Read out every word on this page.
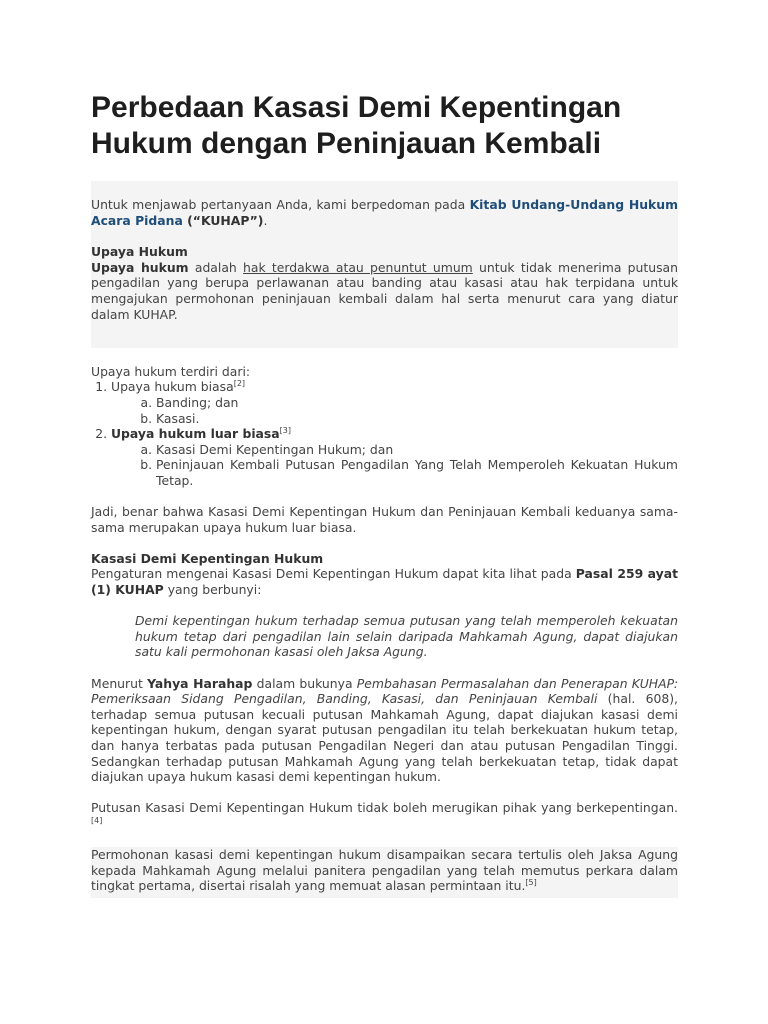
Perbedaan Kasasi Demi Kepentingan Hukum dengan Peninjauan Kembali

Untuk menjawab pertanyaan Anda, kami berpedoman pada Kitab Undang-Undang Hukum Acara Pidana (“KUHAP”).

Upaya Hukum

Upaya hukum adalah hak terdakwa atau penuntut umum untuk tidak menerima putusan pengadilan yang berupa perlawanan atau banding atau kasasi atau hak terpidana untuk mengajukan permohonan peninjauan kembali dalam hal serta menurut cara yang diatur dalam KUHAP.

Upaya hukum terdiri dari:

1. Upaya hukum biasa[2]
a. Banding; dan
b. Kasasi.
2. Upaya hukum luar biasa[3]
a. Kasasi Demi Kepentingan Hukum; dan
b. Peninjauan Kembali Putusan Pengadilan Yang Telah Memperoleh Kekuatan Hukum Tetap.

Jadi, benar bahwa Kasasi Demi Kepentingan Hukum dan Peninjauan Kembali keduanya sama-sama merupakan upaya hukum luar biasa.

Kasasi Demi Kepentingan Hukum

Pengaturan mengenai Kasasi Demi Kepentingan Hukum dapat kita lihat pada Pasal 259 ayat (1) KUHAP yang berbunyi:

Demi kepentingan hukum terhadap semua putusan yang telah memperoleh kekuatan hukum tetap dari pengadilan lain selain daripada Mahkamah Agung, dapat diajukan satu kali permohonan kasasi oleh Jaksa Agung.

Menurut Yahya Harahap dalam bukunya Pembahasan Permasalahan dan Penerapan KUHAP: Pemeriksaan Sidang Pengadilan, Banding, Kasasi, dan Peninjauan Kembali (hal. 608), terhadap semua putusan kecuali putusan Mahkamah Agung, dapat diajukan kasasi demi kepentingan hukum, dengan syarat putusan pengadilan itu telah berkekuatan hukum tetap, dan hanya terbatas pada putusan Pengadilan Negeri dan atau putusan Pengadilan Tinggi. Sedangkan terhadap putusan Mahkamah Agung yang telah berkekuatan tetap, tidak dapat diajukan upaya hukum kasasi demi kepentingan hukum.

Putusan Kasasi Demi Kepentingan Hukum tidak boleh merugikan pihak yang berkepentingan.[4]

Permohonan kasasi demi kepentingan hukum disampaikan secara tertulis oleh Jaksa Agung kepada Mahkamah Agung melalui panitera pengadilan yang telah memutus perkara dalam tingkat pertama, disertai risalah yang memuat alasan permintaan itu.[5]
